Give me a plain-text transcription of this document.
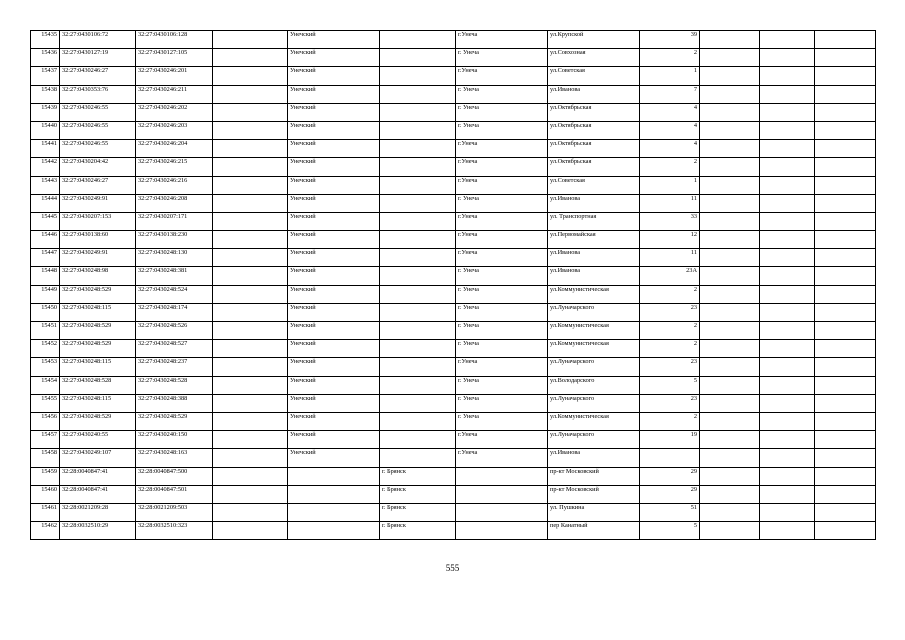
15435	32:27:0430106:72	32:27:0430106:128		Унечский		г.Унеча	ул.Крупской	39			
15436	32:27:0430127:19	32:27:0430127:105		Унечский		г. Унеча	ул.Совхозная	2			
15437	32:27:0430246:27	32:27:0430246:201		Унечский		г.Унеча	ул.Советская	1			
15438	32:27:0430353:76	32:27:0430246:211		Унечский		г. Унеча	ул.Иванова	7			
15439	32:27:0430246:55	32:27:0430246:202		Унечский		г. Унеча	ул.Октябрьская	4			
15440	32:27:0430246:55	32:27:0430246:203		Унечский		г. Унеча	ул.Октябрьская	4			
15441	32:27:0430246:55	32:27:0430246:204		Унечский		г.Унеча	ул.Октябрьская	4			
15442	32:27:0430204:42	32:27:0430246:215		Унечский		г.Унеча	ул.Октябрьская	2			
15443	32:27:0430246:27	32:27:0430246:216		Унечский		г.Унеча	ул.Советская	1			
15444	32:27:0430249:91	32:27:0430246:208		Унечский		г. Унеча	ул.Иванова	11			
15445	32:27:0430207:153	32:27:0430207:171		Унечский		г.Унеча	ул. Транспортная	33			
15446	32:27:0430138:60	32:27:0430138:230		Унечский		г.Унеча	ул.Первомайская	12			
15447	32:27:0430249:91	32:27:0430248:130		Унечский		г.Унеча	ул.Иванова	11			
15448	32:27:0430248:98	32:27:0430248:381		Унечский		г. Унеча	ул.Иванова	23А			
15449	32:27:0430248:529	32:27:0430248:524		Унечский		г. Унеча	ул.Коммунистическая	2			
15450	32:27:0430248:115	32:27:0430248:174		Унечский		г. Унеча	ул.Луначарского	23			
15451	32:27:0430248:529	32:27:0430248:526		Унечский		г. Унеча	ул.Коммунистическая	2			
15452	32:27:0430248:529	32:27:0430248:527		Унечский		г. Унеча	ул.Коммунистическая	2			
15453	32:27:0430248:115	32:27:0430248:237		Унечский		г.Унеча	ул.Луначарского	23			
15454	32:27:0430248:528	32:27:0430248:528		Унечский		г. Унеча	ул.Володарского	5			
15455	32:27:0430248:115	32:27:0430248:388		Унечский		г. Унеча	ул.Луначарского	23			
15456	32:27:0430248:529	32:27:0430248:529		Унечский		г. Унеча	ул.Коммунистическая	2			
15457	32:27:0430240:55	32:27:0430240:150		Унечский		г.Унеча	ул.Луначарского	19			
15458	32:27:0430249:107	32:27:0430248:163		Унечский		г.Унеча	ул.Иванова				
15459	32:28:0040847:41	32:28:0040847:500			г. Брянск		пр-кт Московский	29			
15460	32:28:0040847:41	32:28:0040847:501			г. Брянск		пр-кт Московский	29			
15461	32:28:0021209:28	32:28:0021209:503			г. Брянск		ул. Пушкина	51			
15462	32:28:0032510:29	32:28:0032510:323			г. Брянск		пер Канатный	5			
555
